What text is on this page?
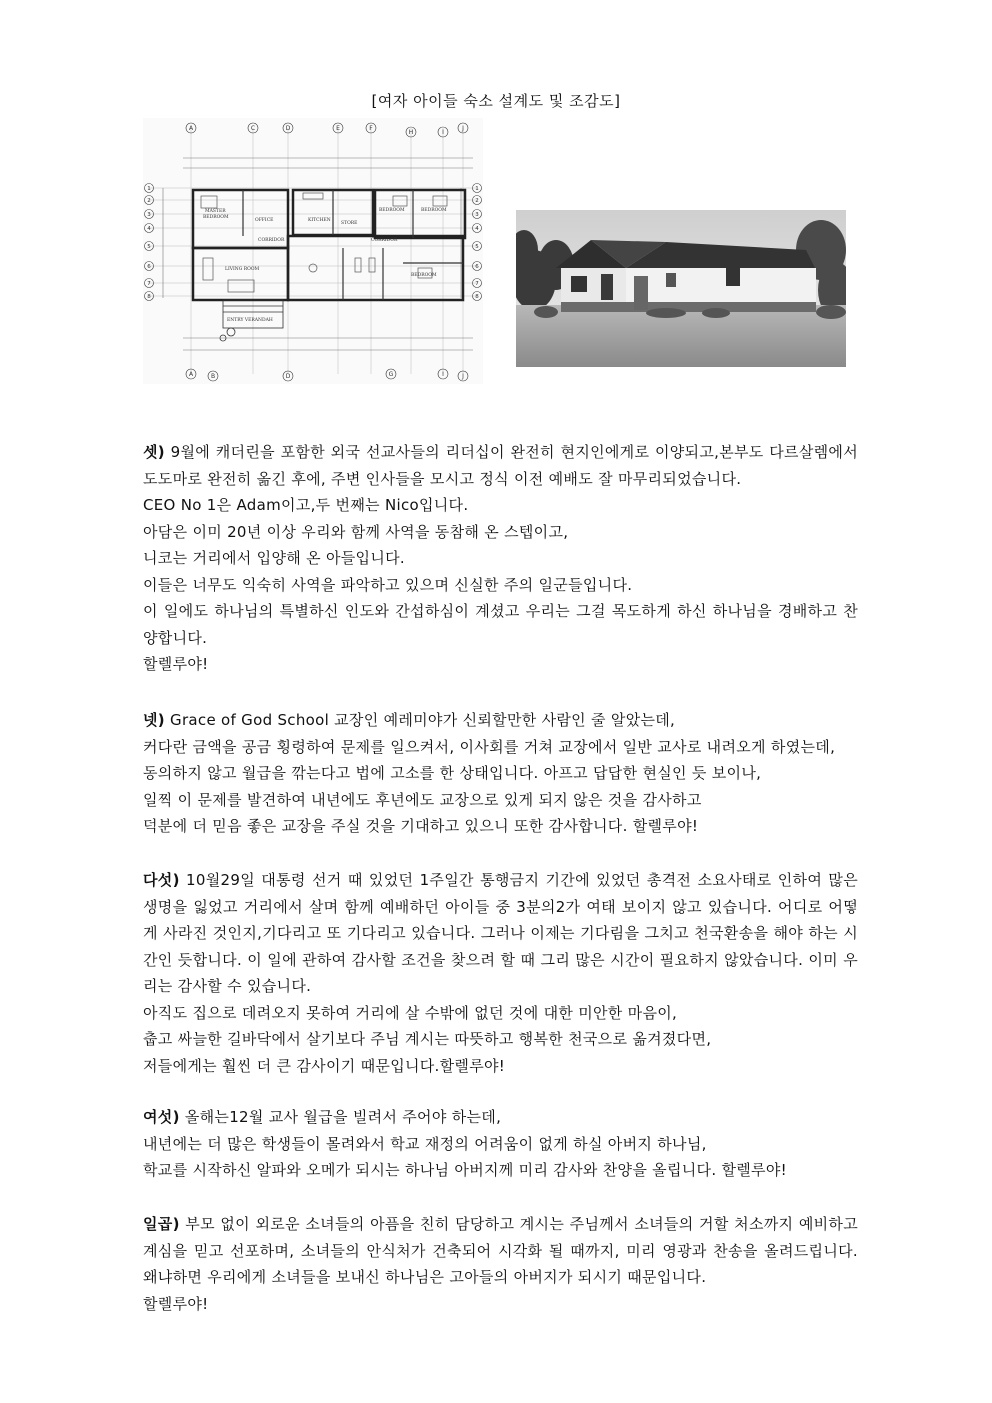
[여자 아이들 숙소 설계도 및 조감도]
MASTER
BEDROOM
OFFICE	KITCHEN
STORE
BEDROOM	BEDROOM
CORRIDOR	CORRIDOR
LIVING ROOM
BEDROOM
ENTRY VERANDAH
A	C	D	E	F
H	I
J
A	B	D	G	I	J
1
2
3
4
5
6
7
8
1
2
3
4
5
6
7
8

셋) 9월에 캐더린을 포함한 외국 선교사들의 리더십이 완전히 현지인에게로 이양되고,본부도 다르살렘에서 도도마로 완전히 옮긴 후에, 주변 인사들을 모시고 정식 이전 예배도 잘 마무리되었습니다.

CEO No 1은 Adam이고,두 번째는 Nico입니다.

아담은 이미 20년 이상 우리와 함께 사역을 동참해 온 스텝이고,

니코는 거리에서 입양해 온 아들입니다.

이들은 너무도 익숙히 사역을 파악하고 있으며 신실한 주의 일군들입니다.

이 일에도 하나님의 특별하신 인도와 간섭하심이 계셨고 우리는 그걸 목도하게 하신 하나님을 경배하고 찬양합니다.

할렐루야!

넷) Grace of God School 교장인 예레미야가 신뢰할만한 사람인 줄 알았는데,

커다란 금액을 공금 횡령하여 문제를 일으켜서, 이사회를 거쳐 교장에서 일반 교사로 내려오게 하였는데,

동의하지 않고 월급을 깎는다고 법에 고소를 한 상태입니다. 아프고 답답한 현실인 듯 보이나,

일찍 이 문제를 발견하여 내년에도 후년에도 교장으로 있게 되지 않은 것을 감사하고

덕분에 더 믿음 좋은 교장을 주실 것을 기대하고 있으니 또한 감사합니다. 할렐루야!

다섯) 10월29일 대통령 선거 때 있었던 1주일간 통행금지 기간에 있었던 총격전 소요사태로 인하여 많은 생명을 잃었고 거리에서 살며 함께 예배하던 아이들 중 3분의2가 여태 보이지 않고 있습니다. 어디로 어떻게 사라진 것인지,기다리고 또 기다리고 있습니다. 그러나 이제는 기다림을 그치고 천국환송을 해야 하는 시간인 듯합니다. 이 일에 관하여 감사할 조건을 찾으려 할 때 그리 많은 시간이 필요하지 않았습니다. 이미 우리는 감사할 수 있습니다.

아직도 집으로 데려오지 못하여 거리에 살 수밖에 없던 것에 대한 미안한 마음이,

춥고 싸늘한 길바닥에서 살기보다 주님 계시는 따뜻하고 행복한 천국으로 옮겨졌다면,

저들에게는 훨씬 더 큰 감사이기 때문입니다.할렐루야!

여섯) 올해는12월 교사 월급을 빌려서 주어야 하는데,

내년에는 더 많은 학생들이 몰려와서 학교 재정의 어려움이 없게 하실 아버지 하나님,

학교를 시작하신 알파와 오메가 되시는 하나님 아버지께 미리 감사와 찬양을 올립니다. 할렐루야!

일곱) 부모 없이 외로운 소녀들의 아픔을 친히 담당하고 계시는 주님께서 소녀들의 거할 처소까지 예비하고 계심을 믿고 선포하며, 소녀들의 안식처가 건축되어 시각화 될 때까지, 미리 영광과 찬송을 올려드립니다. 왜냐하면 우리에게 소녀들을 보내신 하나님은 고아들의 아버지가 되시기 때문입니다.

할렐루야!
